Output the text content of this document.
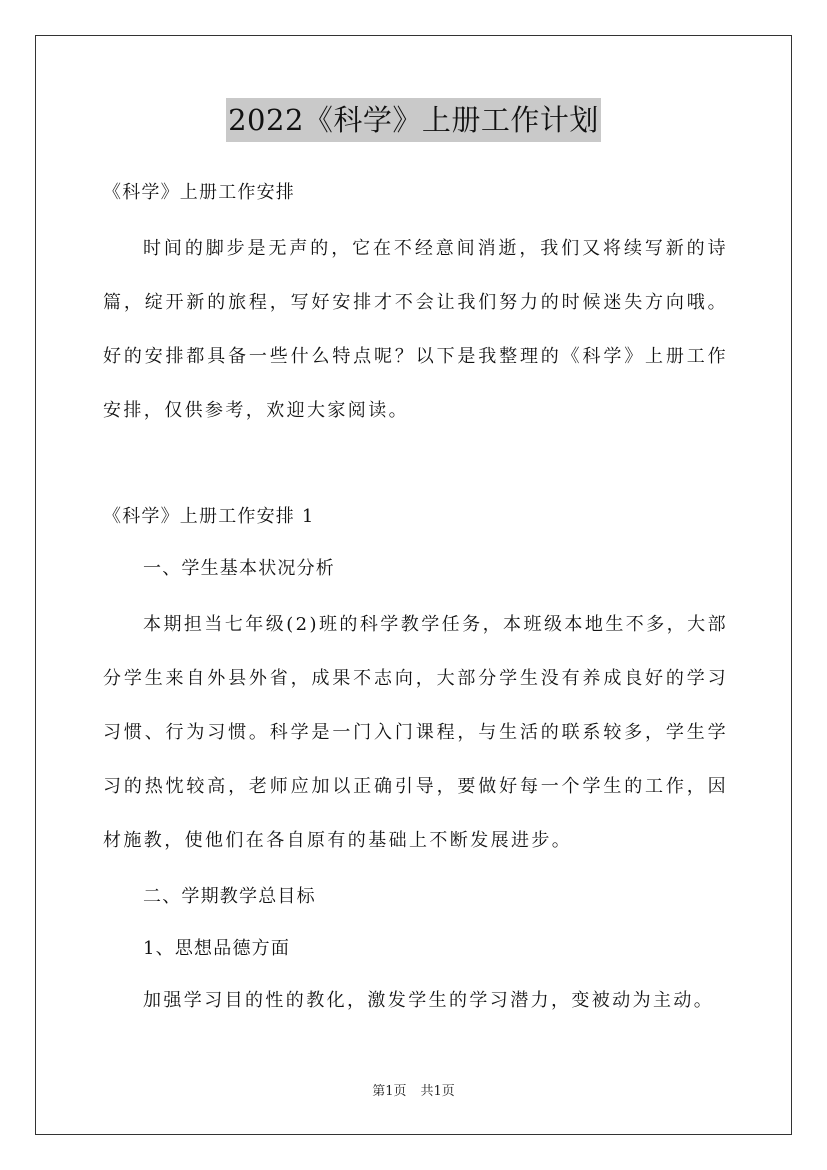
2022《科学》上册工作计划
《科学》上册工作安排

时间的脚步是无声的，它在不经意间消逝，我们又将续写新的诗篇，绽开新的旅程，写好安排才不会让我们努力的时候迷失方向哦。好的安排都具备一些什么特点呢？以下是我整理的《科学》上册工作安排，仅供参考，欢迎大家阅读。

《科学》上册工作安排 1
一、学生基本状况分析

本期担当七年级(2)班的科学教学任务，本班级本地生不多，大部分学生来自外县外省，成果不志向，大部分学生没有养成良好的学习习惯、行为习惯。科学是一门入门课程，与生活的联系较多，学生学习的热忱较高，老师应加以正确引导，要做好每一个学生的工作，因材施教，使他们在各自原有的基础上不断发展进步。

二、学期教学总目标
1、思想品德方面

加强学习目的性的教化，激发学生的学习潜力，变被动为主动。

第1页 共1页
